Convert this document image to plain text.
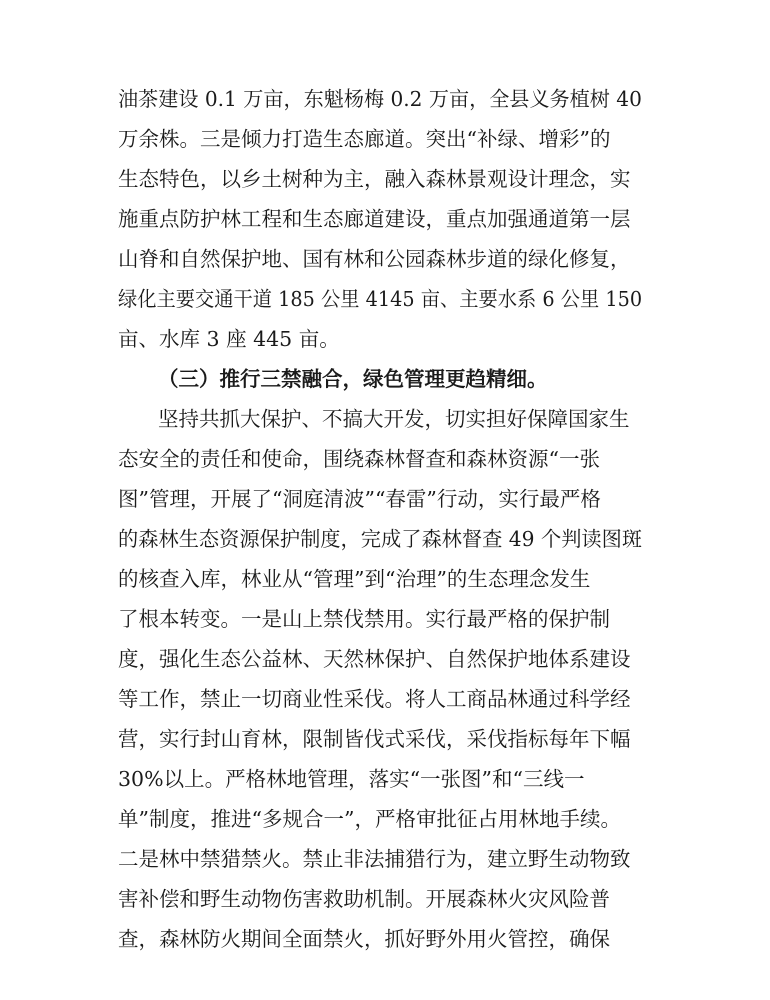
油茶建设 0.1 万亩，东魁杨梅 0.2 万亩，全县义务植树 40
万余株。三是倾力打造生态廊道。突出“补绿、增彩”的
生态特色，以乡土树种为主，融入森林景观设计理念，实
施重点防护林工程和生态廊道建设，重点加强通道第一层
山脊和自然保护地、国有林和公园森林步道的绿化修复，
绿化主要交通干道 185 公里 4145 亩、主要水系 6 公里 150
亩、水库 3 座 445 亩。
（三）推行三禁融合，绿色管理更趋精细。
坚持共抓大保护、不搞大开发，切实担好保障国家生
态安全的责任和使命，围绕森林督查和森林资源“一张
图”管理，开展了“洞庭清波”“春雷”行动，实行最严格
的森林生态资源保护制度，完成了森林督查 49 个判读图斑
的核查入库，林业从“管理”到“治理”的生态理念发生
了根本转变。一是山上禁伐禁用。实行最严格的保护制
度，强化生态公益林、天然林保护、自然保护地体系建设
等工作，禁止一切商业性采伐。将人工商品林通过科学经
营，实行封山育林，限制皆伐式采伐，采伐指标每年下幅
30%以上。严格林地管理，落实“一张图”和“三线一
单”制度，推进“多规合一”，严格审批征占用林地手续。
二是林中禁猎禁火。禁止非法捕猎行为，建立野生动物致
害补偿和野生动物伤害救助机制。开展森林火灾风险普
查，森林防火期间全面禁火，抓好野外用火管控，确保
